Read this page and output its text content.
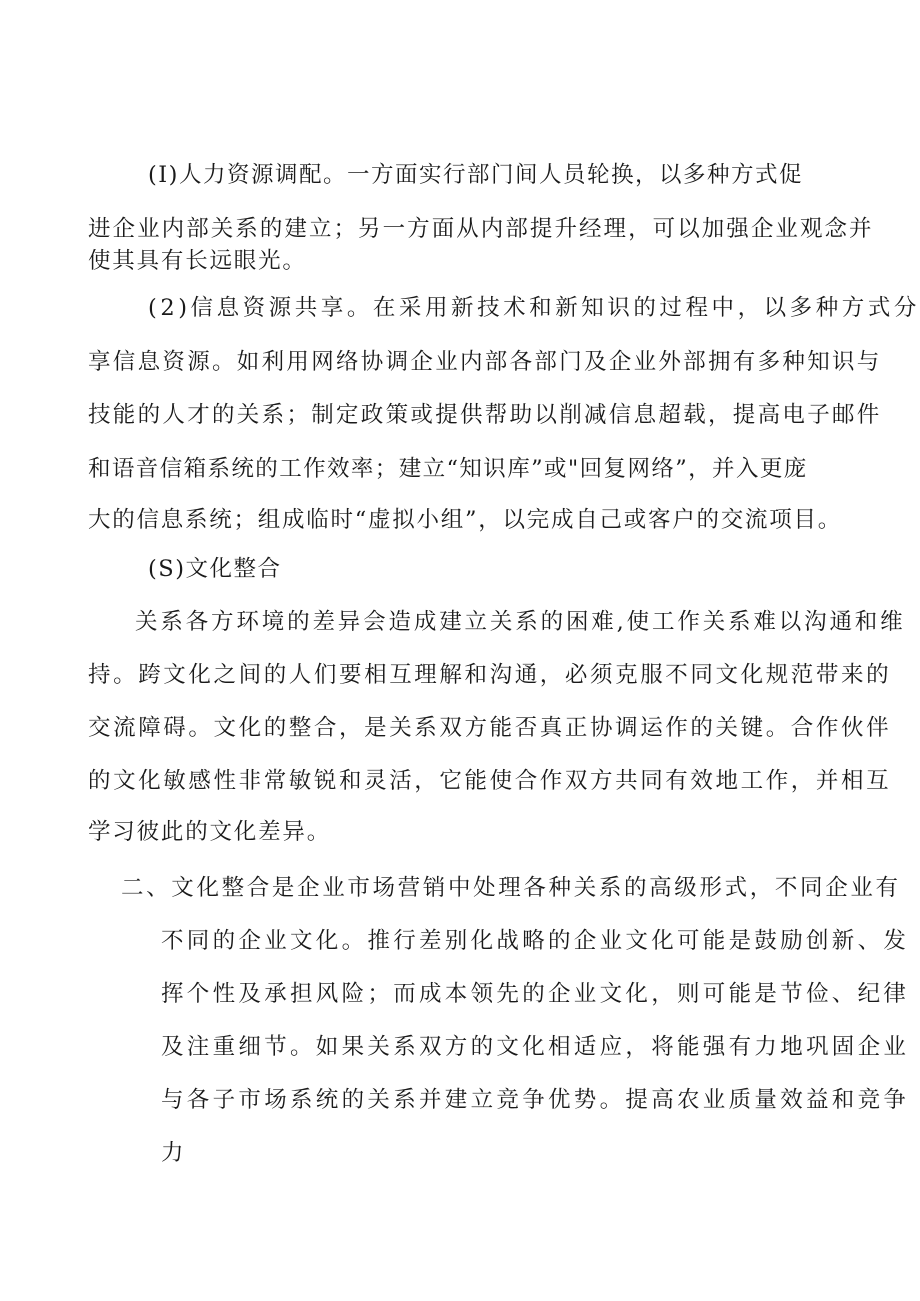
(I)人力资源调配。一方面实行部门间人员轮换，以多种方式促
进企业内部关系的建立；另一方面从内部提升经理，可以加强企业观念并
使其具有长远眼光。
(2)信息资源共享。在采用新技术和新知识的过程中，以多种方式分
享信息资源。如利用网络协调企业内部各部门及企业外部拥有多种知识与
技能的人才的关系；制定政策或提供帮助以削减信息超载，提高电子邮件
和语音信箱系统的工作效率；建立“知识库”或"回复网络”，并入更庞
大的信息系统；组成临时“虚拟小组”，以完成自己或客户的交流项目。
(S)文化整合
关系各方环境的差异会造成建立关系的困难,使工作关系难以沟通和维
持。跨文化之间的人们要相互理解和沟通，必须克服不同文化规范带来的
交流障碍。文化的整合，是关系双方能否真正协调运作的关键。合作伙伴
的文化敏感性非常敏锐和灵活，它能使合作双方共同有效地工作，并相互
学习彼此的文化差异。
二、文化整合是企业市场营销中处理各种关系的高级形式，不同企业有
不同的企业文化。推行差别化战略的企业文化可能是鼓励创新、发
挥个性及承担风险；而成本领先的企业文化，则可能是节俭、纪律
及注重细节。如果关系双方的文化相适应，将能强有力地巩固企业
与各子市场系统的关系并建立竞争优势。提高农业质量效益和竞争
力
